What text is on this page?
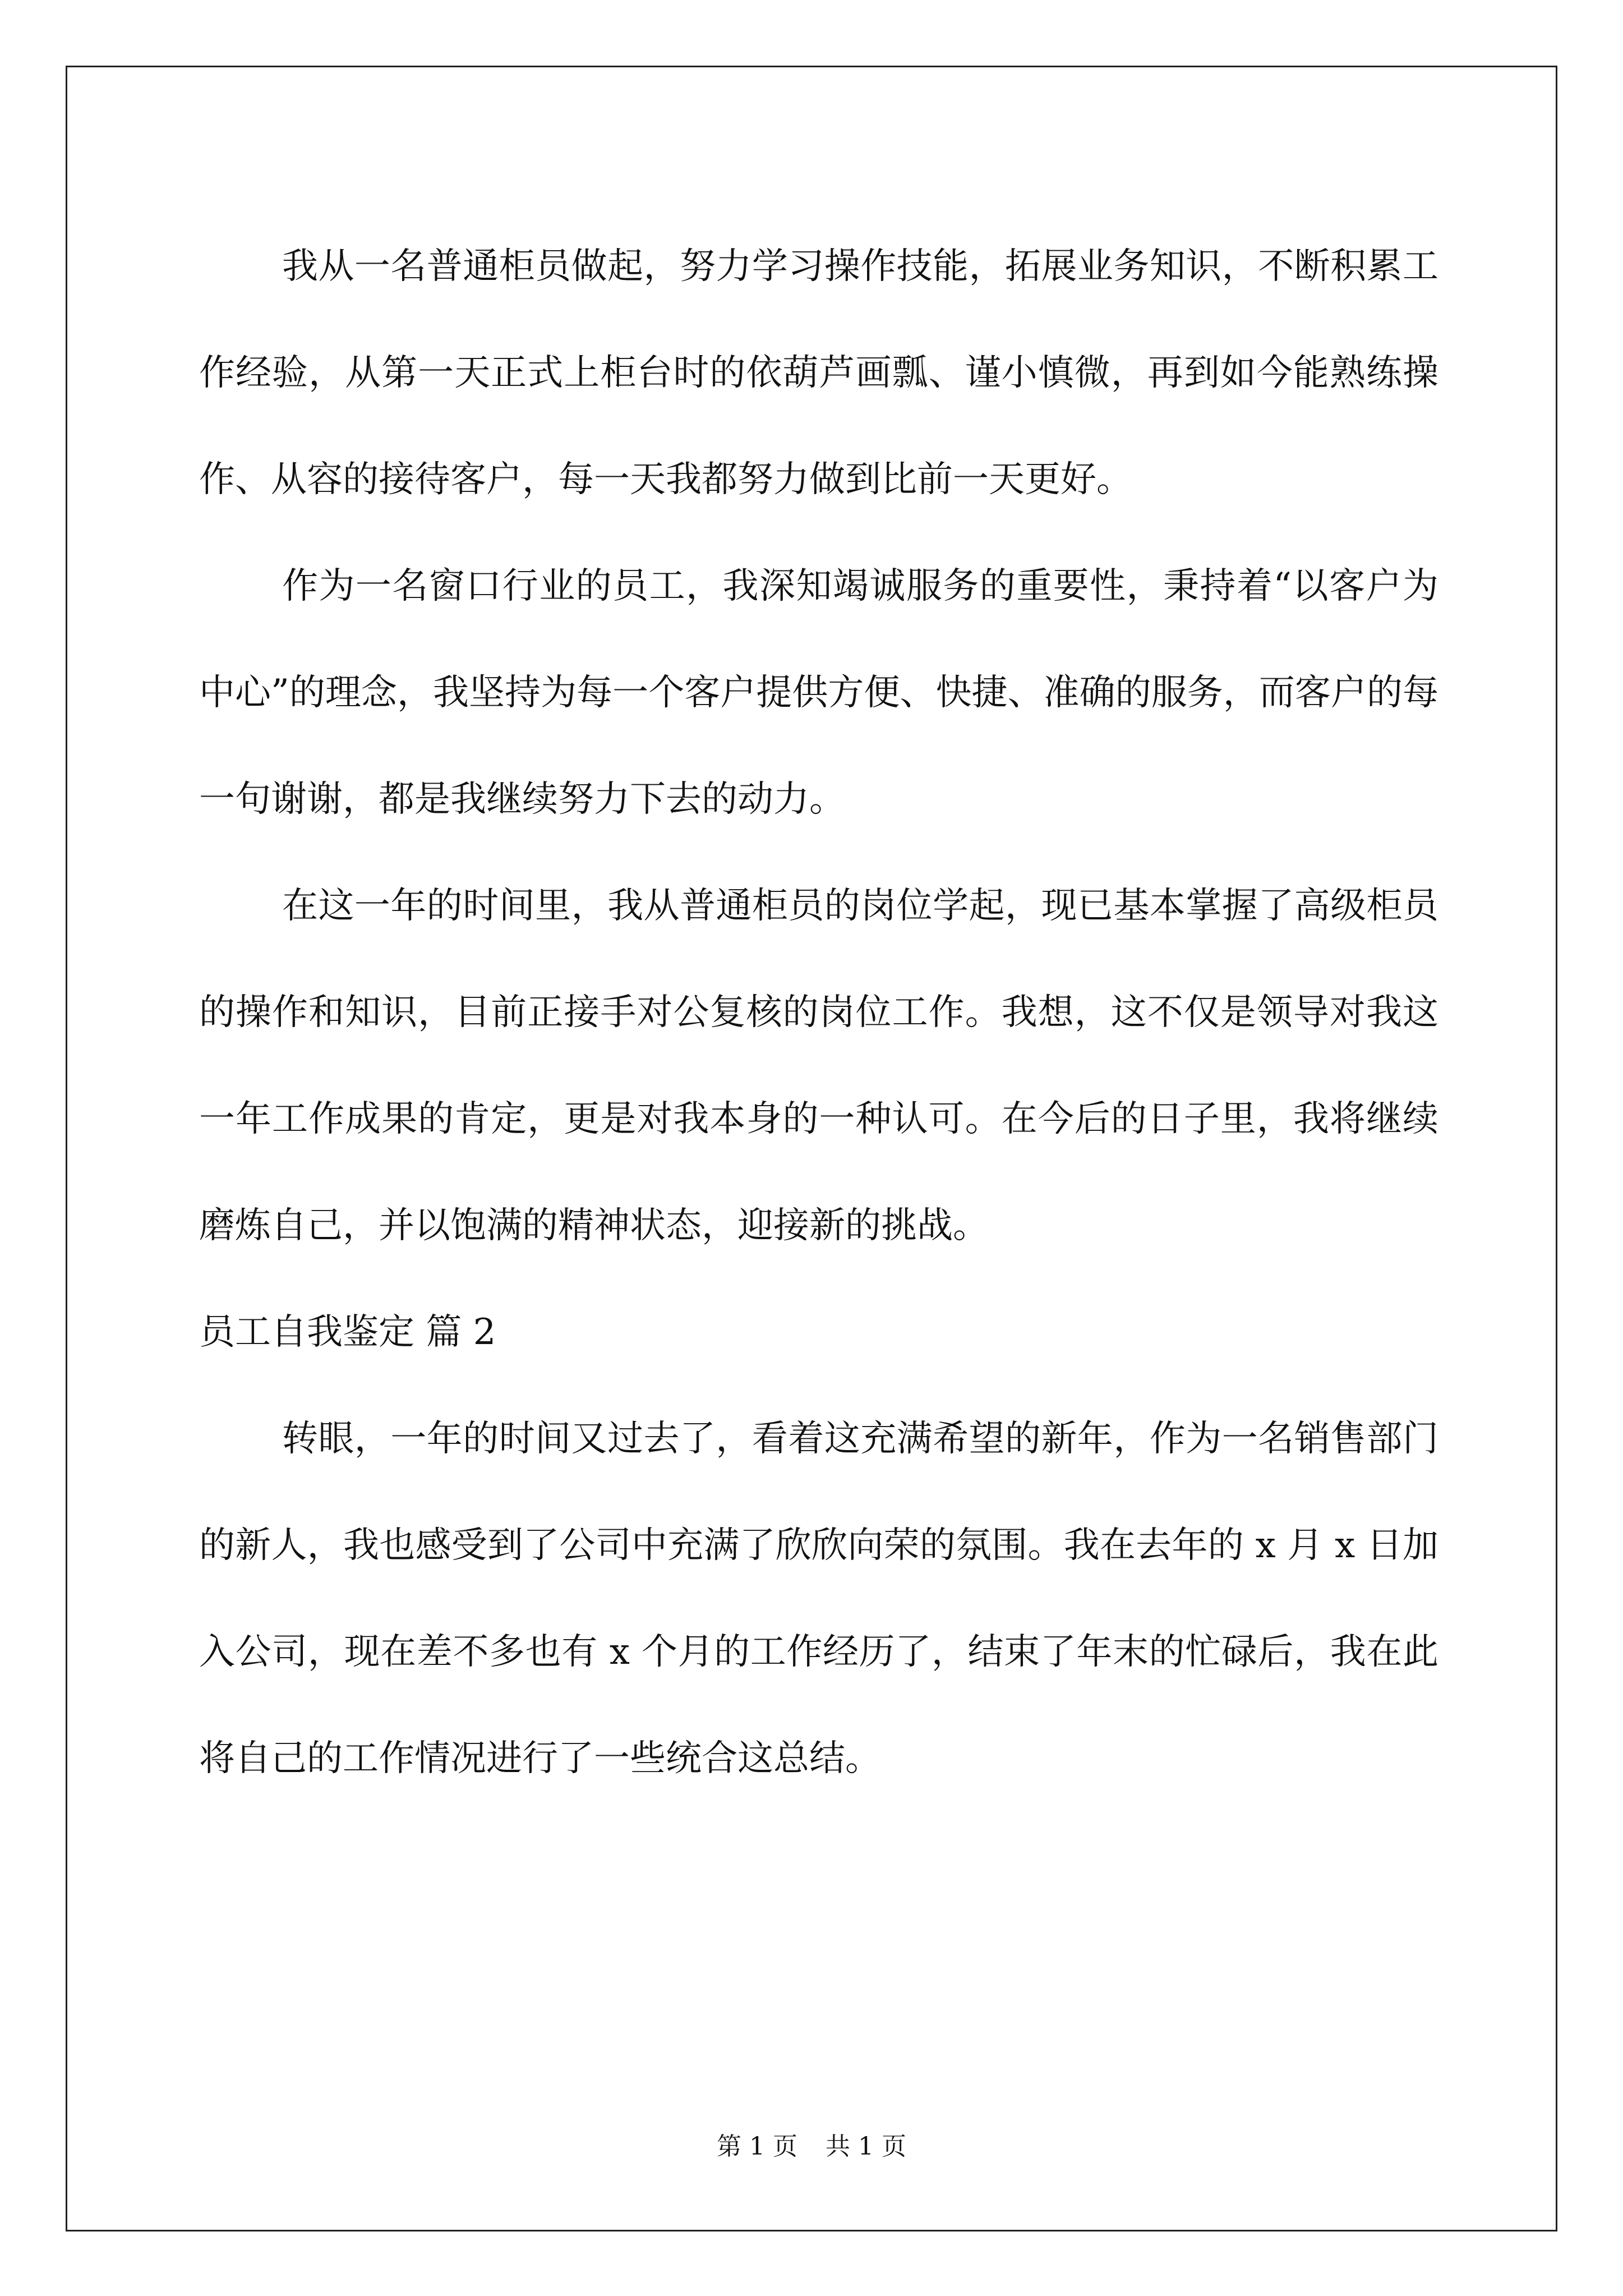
我从一名普通柜员做起，努力学习操作技能，拓展业务知识，不断积累工作经验，从第一天正式上柜台时的依葫芦画瓢、谨小慎微，再到如今能熟练操作、从容的接待客户，每一天我都努力做到比前一天更好。

作为一名窗口行业的员工，我深知竭诚服务的重要性，秉持着“以客户为中心”的理念，我坚持为每一个客户提供方便、快捷、准确的服务，而客户的每一句谢谢，都是我继续努力下去的动力。

在这一年的时间里，我从普通柜员的岗位学起，现已基本掌握了高级柜员的操作和知识，目前正接手对公复核的岗位工作。我想，这不仅是领导对我这一年工作成果的肯定，更是对我本身的一种认可。在今后的日子里，我将继续磨炼自己，并以饱满的精神状态，迎接新的挑战。

员工自我鉴定 篇 2

转眼，一年的时间又过去了，看着这充满希望的新年，作为一名销售部门的新人，我也感受到了公司中充满了欣欣向荣的氛围。我在去年的 x 月 x 日加入公司，现在差不多也有 x 个月的工作经历了，结束了年末的忙碌后，我在此将自己的工作情况进行了一些统合这总结。

第 1 页 共 1 页
